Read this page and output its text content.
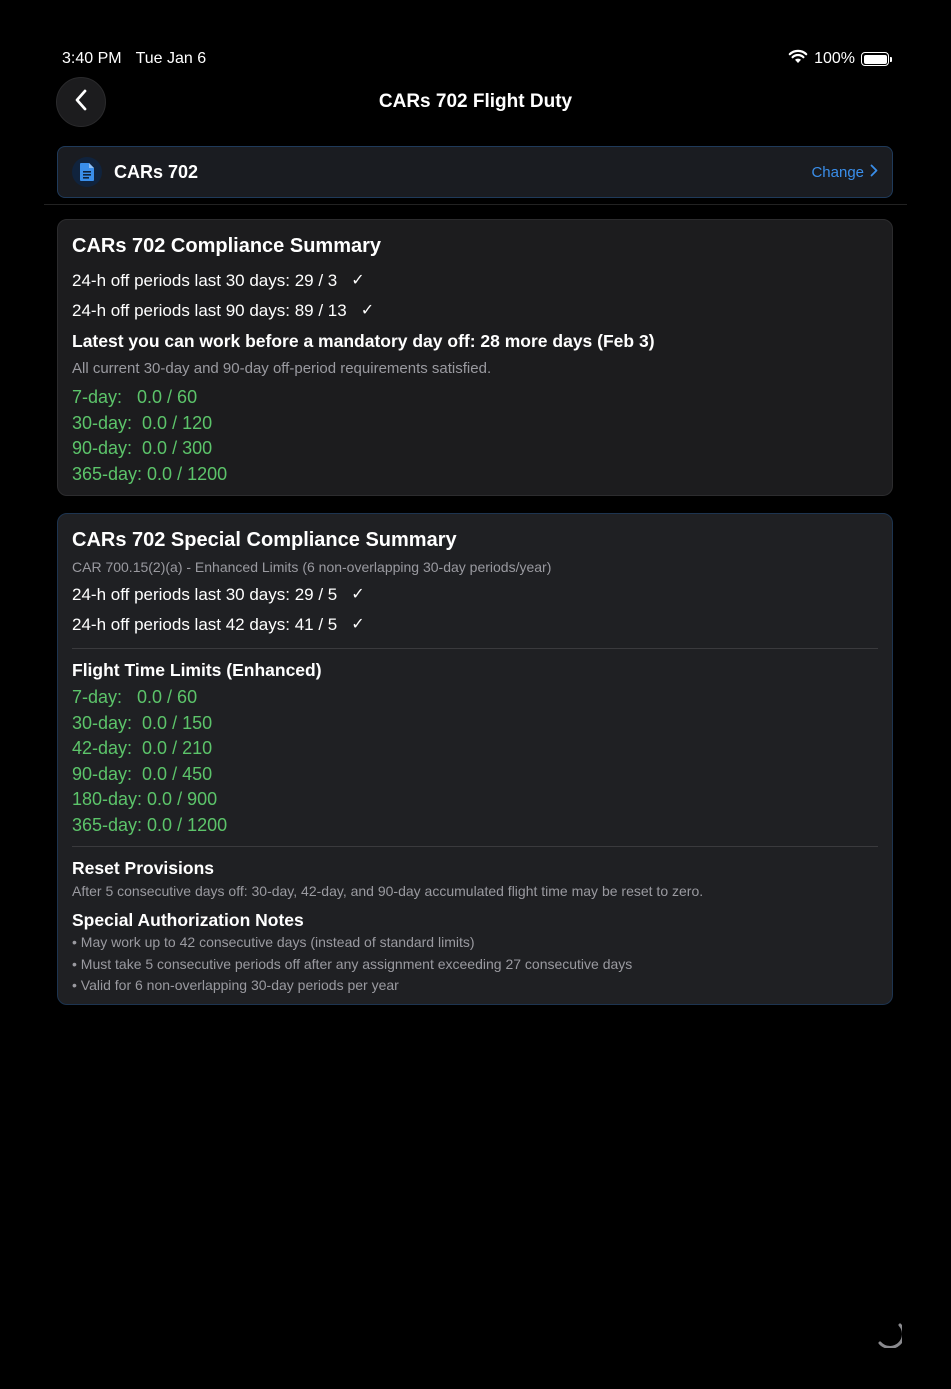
3:40 PM Tue Jan 6	100%
CARs 702 Flight Duty
CARs 702	Change
CARs 702 Compliance Summary
24-h off periods last 30 days: 29 / 3 ✓
24-h off periods last 90 days: 89 / 13 ✓
Latest you can work before a mandatory day off: 28 more days (Feb 3)
All current 30-day and 90-day off-period requirements satisfied.
7-day:   0.0 / 60
30-day:  0.0 / 120
90-day:  0.0 / 300
365-day: 0.0 / 1200
CARs 702 Special Compliance Summary
CAR 700.15(2)(a) - Enhanced Limits (6 non-overlapping 30-day periods/year)
24-h off periods last 30 days: 29 / 5 ✓
24-h off periods last 42 days: 41 / 5 ✓
Flight Time Limits (Enhanced)
7-day:   0.0 / 60
30-day:  0.0 / 150
42-day:  0.0 / 210
90-day:  0.0 / 450
180-day: 0.0 / 900
365-day: 0.0 / 1200
Reset Provisions
After 5 consecutive days off: 30-day, 42-day, and 90-day accumulated flight time may be reset to zero.
Special Authorization Notes
• May work up to 42 consecutive days (instead of standard limits)
• Must take 5 consecutive periods off after any assignment exceeding 27 consecutive days
• Valid for 6 non-overlapping 30-day periods per year
